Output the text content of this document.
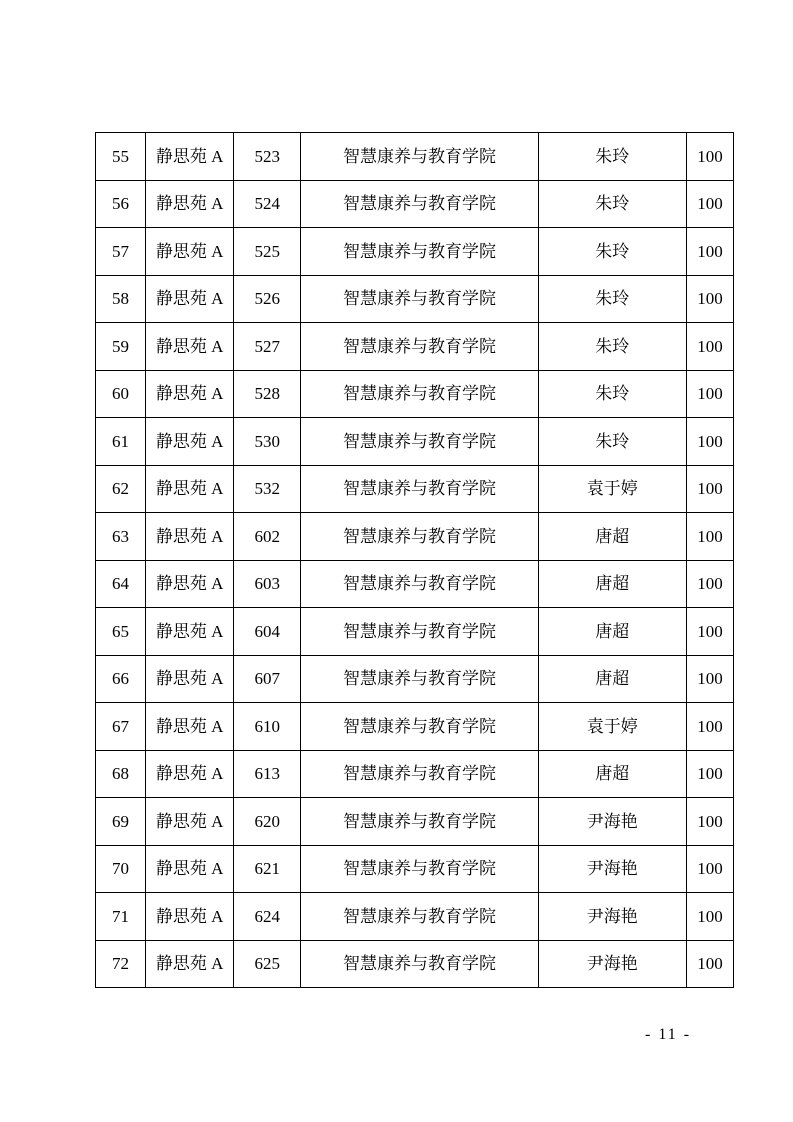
55	静思苑 A	523	智慧康养与教育学院	朱玲	100
56	静思苑 A	524	智慧康养与教育学院	朱玲	100
57	静思苑 A	525	智慧康养与教育学院	朱玲	100
58	静思苑 A	526	智慧康养与教育学院	朱玲	100
59	静思苑 A	527	智慧康养与教育学院	朱玲	100
60	静思苑 A	528	智慧康养与教育学院	朱玲	100
61	静思苑 A	530	智慧康养与教育学院	朱玲	100
62	静思苑 A	532	智慧康养与教育学院	袁于婷	100
63	静思苑 A	602	智慧康养与教育学院	唐超	100
64	静思苑 A	603	智慧康养与教育学院	唐超	100
65	静思苑 A	604	智慧康养与教育学院	唐超	100
66	静思苑 A	607	智慧康养与教育学院	唐超	100
67	静思苑 A	610	智慧康养与教育学院	袁于婷	100
68	静思苑 A	613	智慧康养与教育学院	唐超	100
69	静思苑 A	620	智慧康养与教育学院	尹海艳	100
70	静思苑 A	621	智慧康养与教育学院	尹海艳	100
71	静思苑 A	624	智慧康养与教育学院	尹海艳	100
72	静思苑 A	625	智慧康养与教育学院	尹海艳	100
- 11 -
